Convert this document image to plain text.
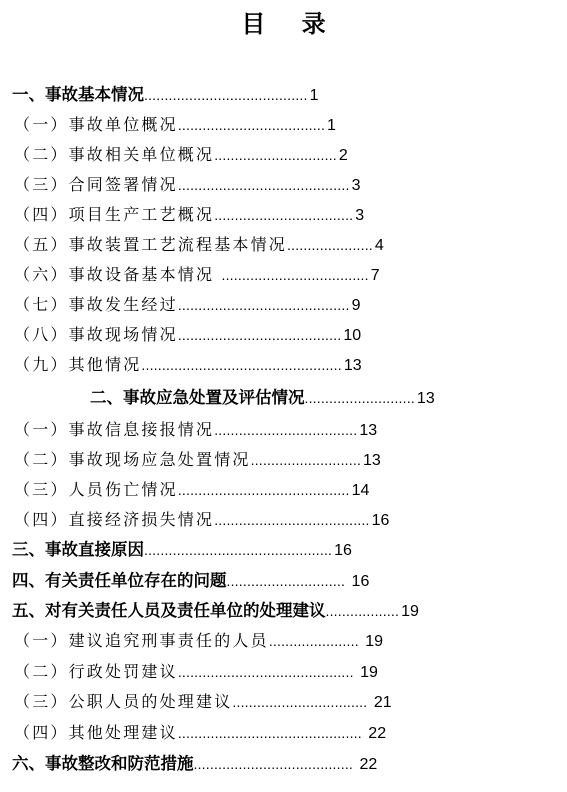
目 录
一、事故基本情况........................................ 1
（一）事故单位概况.................................... 1
（二）事故相关单位概况.............................. 2
（三）合同签署情况.......................................... 3
（四）项目生产工艺概况.................................. 3
（五）事故装置工艺流程基本情况..................... 4
（六）事故设备基本情况 .................................... 7
（七）事故发生经过.......................................... 9
（八）事故现场情况........................................ 10
（九）其他情况................................................. 13
二、事故应急处置及评估情况........................... 13
（一）事故信息接报情况................................... 13
（二）事故现场应急处置情况........................... 13
（三）人员伤亡情况.......................................... 14
（四）直接经济损失情况...................................... 16
三、事故直接原因.............................................. 16
四、有关责任单位存在的问题............................. 16
五、对有关责任人员及责任单位的处理建议.................. 19
（一）建议追究刑事责任的人员...................... 19
（二）行政处罚建议........................................... 19
（三）公职人员的处理建议................................. 21
（四）其他处理建议............................................. 22
六、事故整改和防范措施....................................... 22
